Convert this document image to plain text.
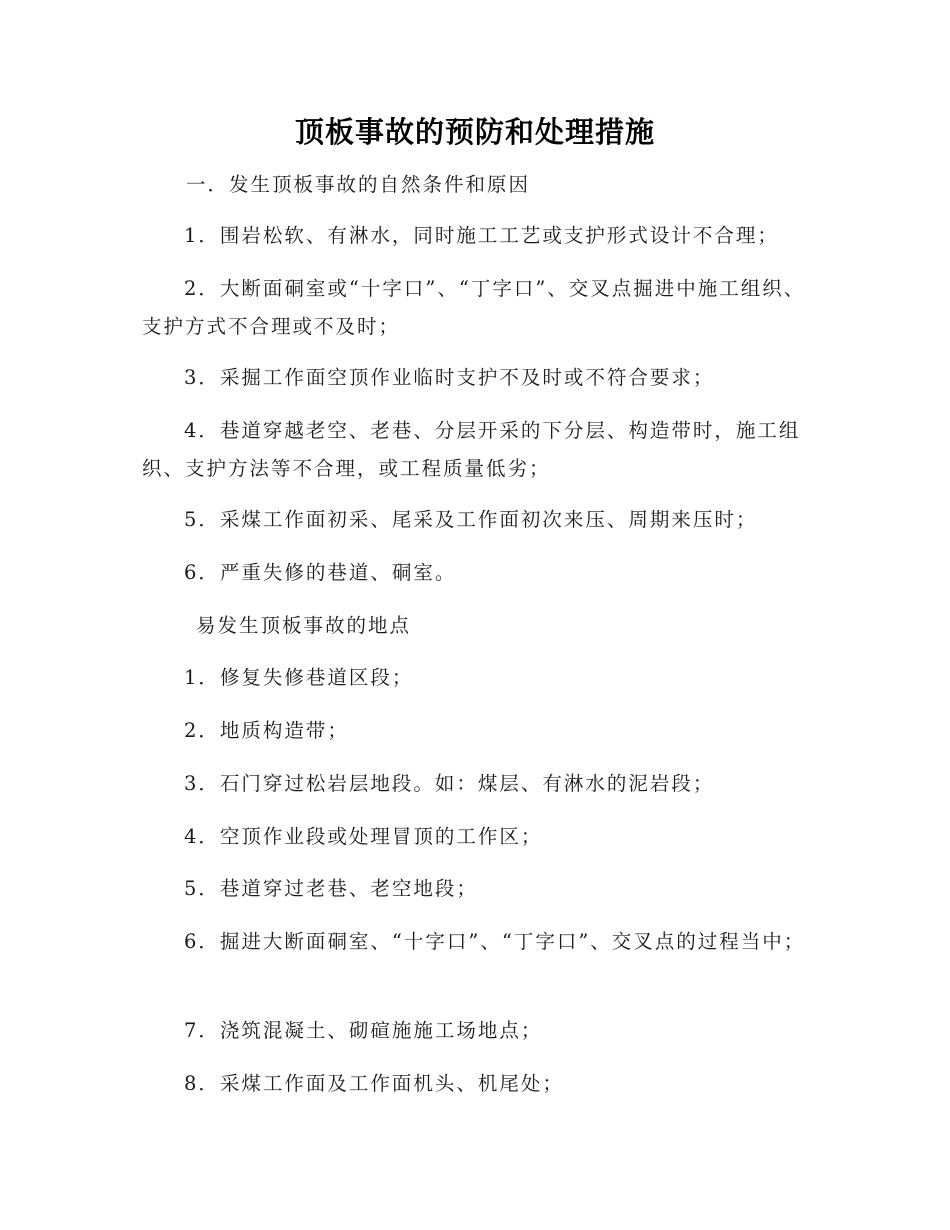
顶板事故的预防和处理措施
一．发生顶板事故的自然条件和原因
1．围岩松软、有淋水，同时施工工艺或支护形式设计不合理；
2．大断面硐室或“十字口”、“丁字口”、交叉点掘进中施工组织、支护方式不合理或不及时；
3．采掘工作面空顶作业临时支护不及时或不符合要求；
4．巷道穿越老空、老巷、分层开采的下分层、构造带时，施工组织、支护方法等不合理，或工程质量低劣；
5．采煤工作面初采、尾采及工作面初次来压、周期来压时；
6．严重失修的巷道、硐室。
易发生顶板事故的地点
1．修复失修巷道区段；
2．地质构造带；
3．石门穿过松岩层地段。如：煤层、有淋水的泥岩段；
4．空顶作业段或处理冒顶的工作区；
5．巷道穿过老巷、老空地段；
6．掘进大断面硐室、“十字口”、“丁字口”、交叉点的过程当中；
7．浇筑混凝土、砌碹施施工场地点；
8．采煤工作面及工作面机头、机尾处；
